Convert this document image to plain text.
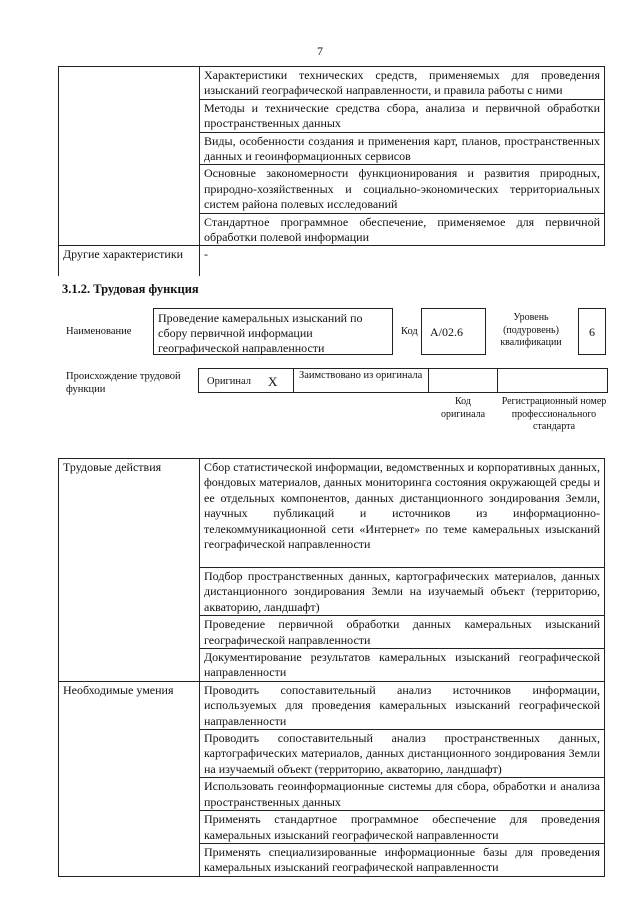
7
	Характеристики технических средств, применяемых для проведения изысканий географической направленности, и правила работы с ними
	Методы и технические средства сбора, анализа и первичной обработки пространственных данных
	Виды, особенности создания и применения карт, планов, пространственных данных и геоинформационных сервисов
	Основные закономерности функционирования и развития природных, природно-хозяйственных и социально-экономических территориальных систем района полевых исследований
	Стандартное программное обеспечение, применяемое для первичной обработки полевой информации
Другие характеристики	-
3.1.2. Трудовая функция
Наименование
Проведение камеральных изысканий по сбору первичной информации географической направленности
Код	А/02.6
Уровень (подуровень) квалификации
6
Происхождение трудовой функции
Оригинал X Заимствовано из оригинала
Код оригинала
Регистрационный номер профессионального стандарта
Трудовые действия	Сбор статистической информации, ведомственных и корпоративных данных, фондовых материалов, данных мониторинга состояния окружающей среды и ее отдельных компонентов, данных дистанционного зондирования Земли, научных публикаций и источников из информационно-телекоммуникационной сети «Интернет» по теме камеральных изысканий географической направленности
	Подбор пространственных данных, картографических материалов, данных дистанционного зондирования Земли на изучаемый объект (территорию, акваторию, ландшафт)
	Проведение первичной обработки данных камеральных изысканий географической направленности
	Документирование результатов камеральных изысканий географической направленности
Необходимые умения	Проводить сопоставительный анализ источников информации, используемых для проведения камеральных изысканий географической направленности
	Проводить сопоставительный анализ пространственных данных, картографических материалов, данных дистанционного зондирования Земли на изучаемый объект (территорию, акваторию, ландшафт)
	Использовать геоинформационные системы для сбора, обработки и анализа пространственных данных
	Применять стандартное программное обеспечение для проведения камеральных изысканий географической направленности
	Применять специализированные информационные базы для проведения камеральных изысканий географической направленности
